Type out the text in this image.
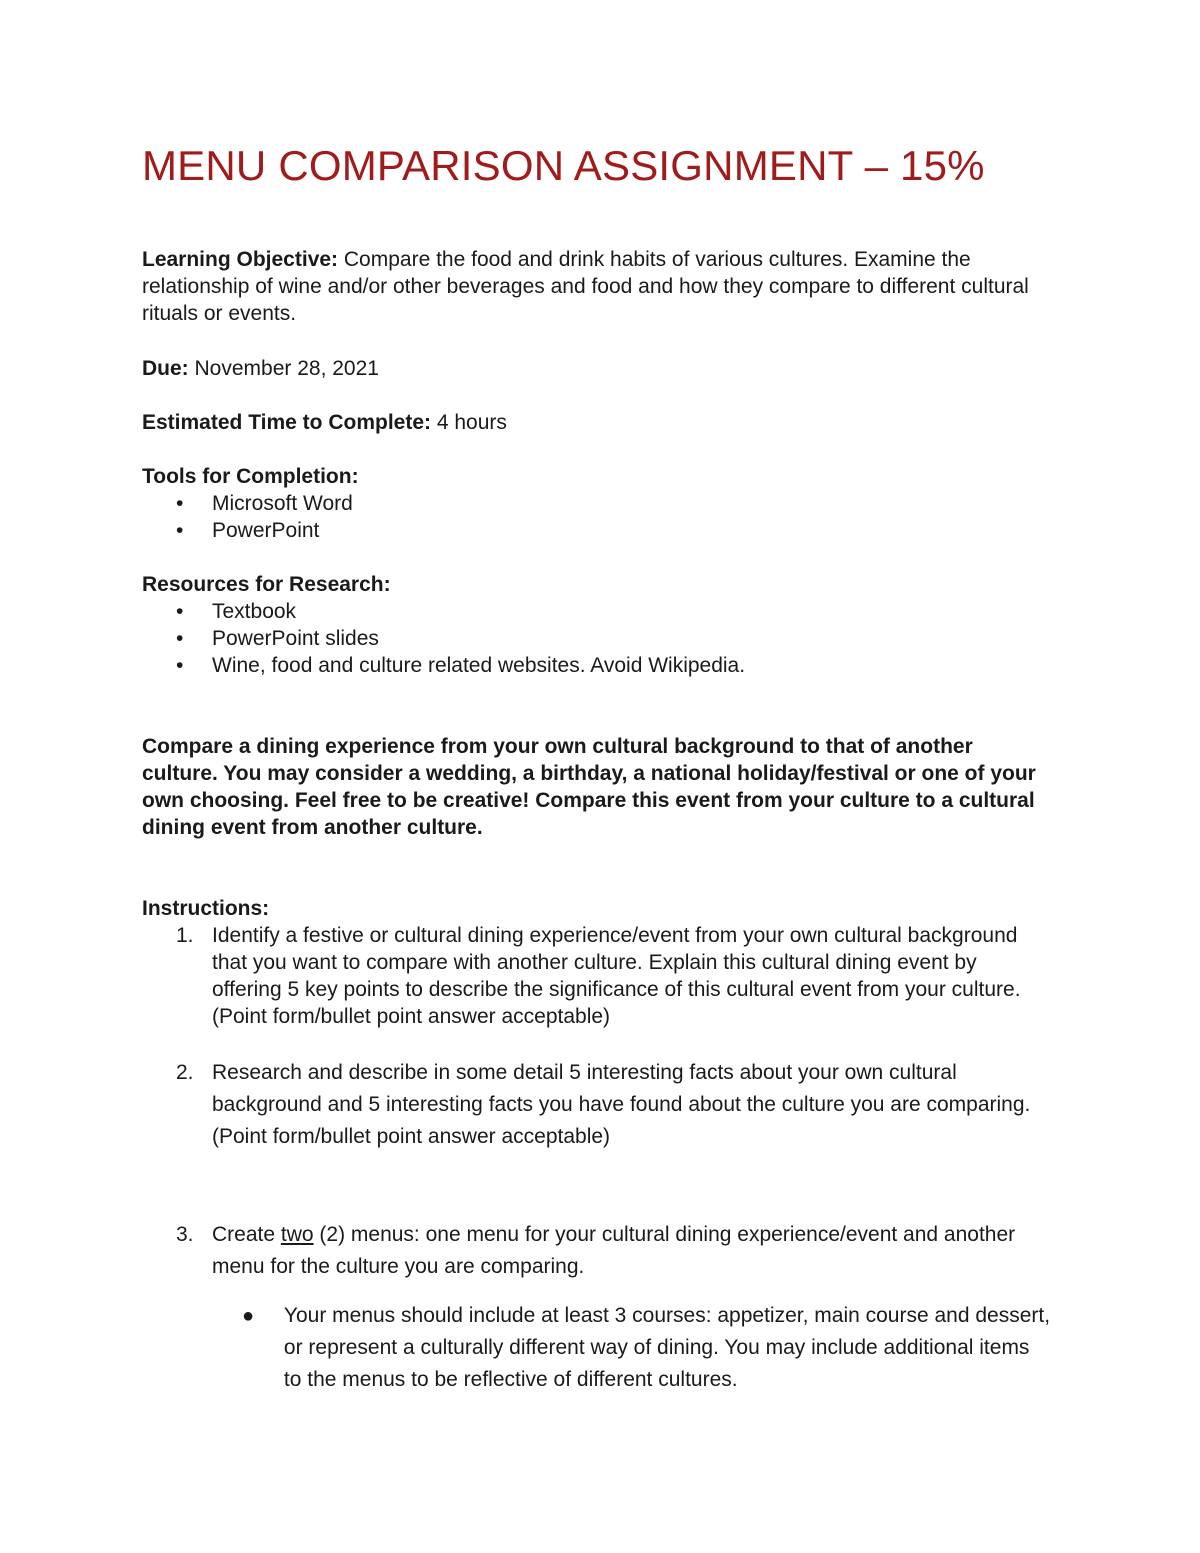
MENU COMPARISON ASSIGNMENT – 15%
Learning Objective: Compare the food and drink habits of various cultures. Examine the relationship of wine and/or other beverages and food and how they compare to different cultural rituals or events.
Due: November 28, 2021
Estimated Time to Complete: 4 hours
Tools for Completion:
•	Microsoft Word
•	PowerPoint
Resources for Research:
•	Textbook
•	PowerPoint slides
•	Wine, food and culture related websites. Avoid Wikipedia.
Compare a dining experience from your own cultural background to that of another culture. You may consider a wedding, a birthday, a national holiday/festival or one of your own choosing. Feel free to be creative! Compare this event from your culture to a cultural dining event from another culture.
Instructions:
1. Identify a festive or cultural dining experience/event from your own cultural background that you want to compare with another culture. Explain this cultural dining event by offering 5 key points to describe the significance of this cultural event from your culture. (Point form/bullet point answer acceptable)
2. Research and describe in some detail 5 interesting facts about your own cultural background and 5 interesting facts you have found about the culture you are comparing. (Point form/bullet point answer acceptable)
3. Create two (2) menus: one menu for your cultural dining experience/event and another menu for the culture you are comparing.
●	Your menus should include at least 3 courses: appetizer, main course and dessert, or represent a culturally different way of dining. You may include additional items to the menus to be reflective of different cultures.
